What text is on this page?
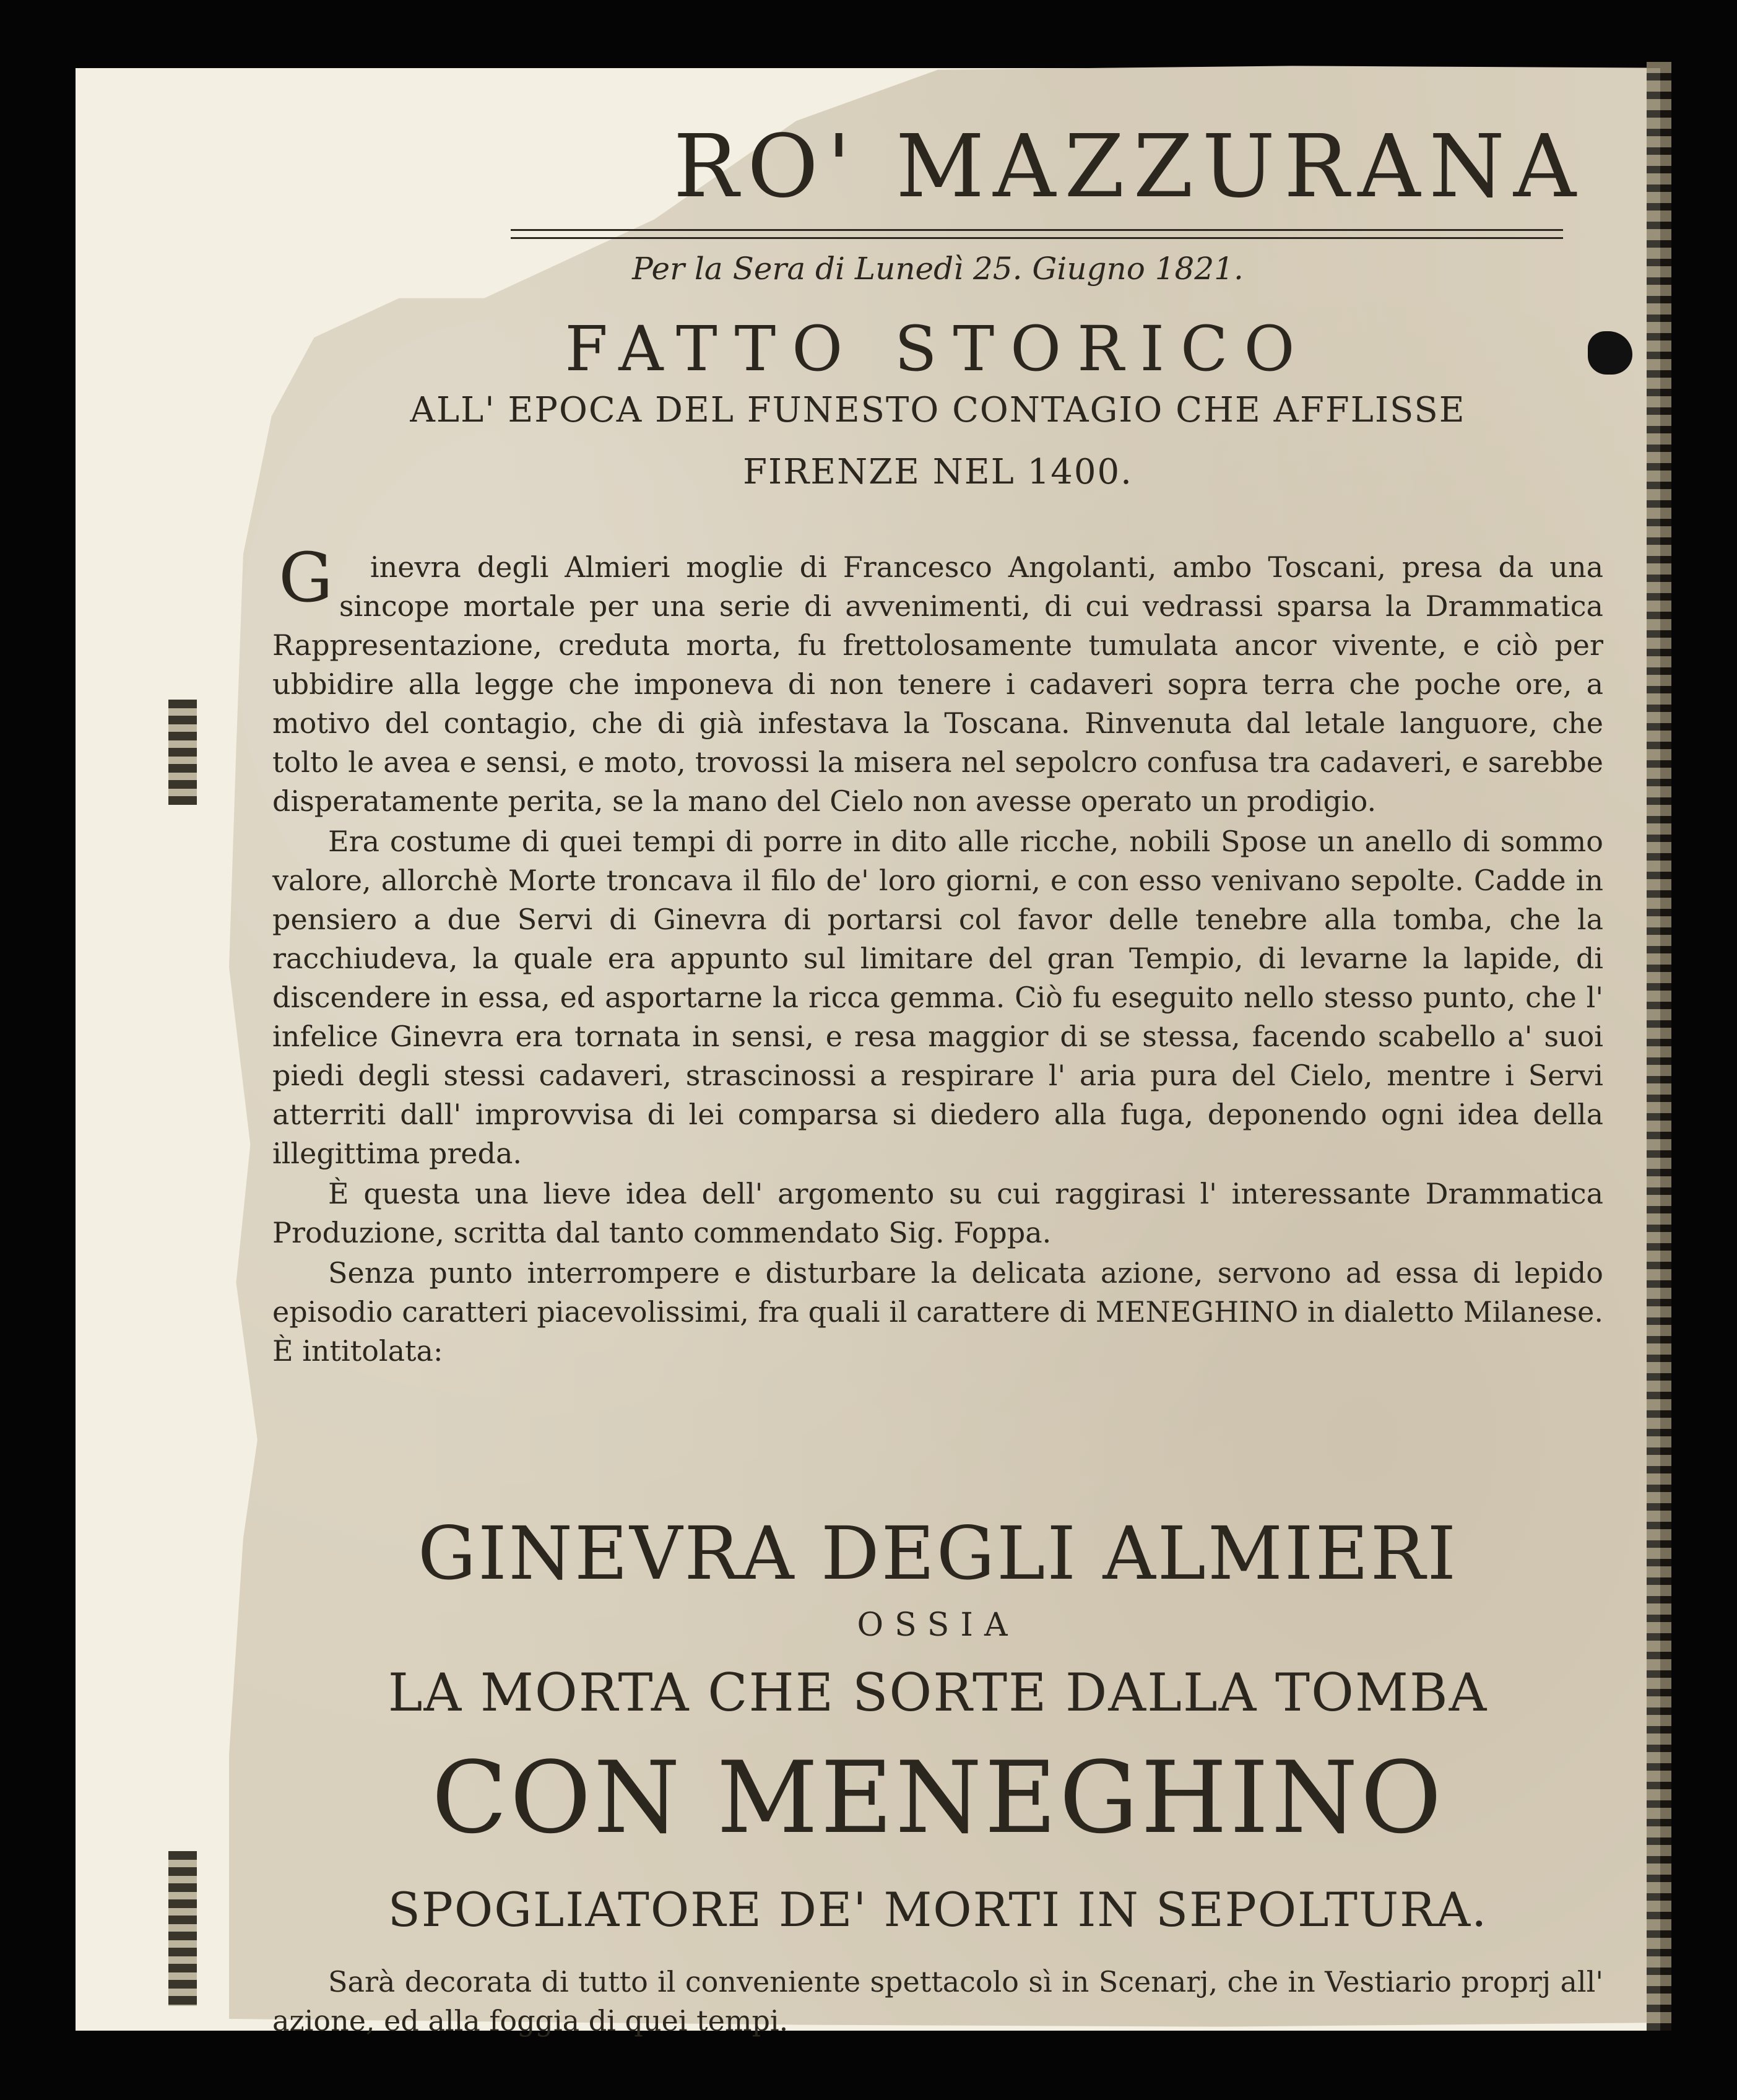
RO' MAZZURANA
Per la Sera di Lunedì 25. Giugno 1821.
FATTO STORICO
ALL' EPOCA DEL FUNESTO CONTAGIO CHE AFFLISSE
FIRENZE NEL 1400.

G inevra degli Almieri moglie di Francesco Angolanti, ambo Toscani, presa da una sincope mortale per una serie di avvenimenti, di cui vedrassi sparsa la Drammatica Rappresentazione, creduta morta, fu frettolosamente tumulata ancor vivente, e ciò per ubbidire alla legge che imponeva di non tenere i cadaveri sopra terra che poche ore, a motivo del contagio, che di già infestava la Toscana. Rinvenuta dal letale languore, che tolto le avea e sensi, e moto, trovossi la misera nel sepolcro confusa tra cadaveri, e sarebbe disperatamente perita, se la mano del Cielo non avesse operato un prodigio.

Era costume di quei tempi di porre in dito alle ricche, nobili Spose un anello di sommo valore, allorchè Morte troncava il filo de' loro giorni, e con esso venivano sepolte. Cadde in pensiero a due Servi di Ginevra di portarsi col favor delle tenebre alla tomba, che la racchiudeva, la quale era appunto sul limitare del gran Tempio, di levarne la lapide, di discendere in essa, ed asportarne la ricca gemma. Ciò fu eseguito nello stesso punto, che l' infelice Ginevra era tornata in sensi, e resa maggior di se stessa, facendo scabello a' suoi piedi degli stessi cadaveri, strascinossi a respirare l' aria pura del Cielo, mentre i Servi atterriti dall' improvvisa di lei comparsa si diedero alla fuga, deponendo ogni idea della illegittima preda.

È questa una lieve idea dell' argomento su cui raggirasi l' interessante Drammatica Produzione, scritta dal tanto commendato Sig. Foppa.

Senza punto interrompere e disturbare la delicata azione, servono ad essa di lepido episodio caratteri piacevolissimi, fra quali il carattere di MENEGHINO in dialetto Milanese. È intitolata:

GINEVRA DEGLI ALMIERI
OSSIA
LA MORTA CHE SORTE DALLA TOMBA
CON MENEGHINO
SPOGLIATORE DE' MORTI IN SEPOLTURA.
Sarà decorata di tutto il conveniente spettacolo sì in Scenarj, che in Vestiario proprj all' azione, ed alla foggia di quei tempi.
